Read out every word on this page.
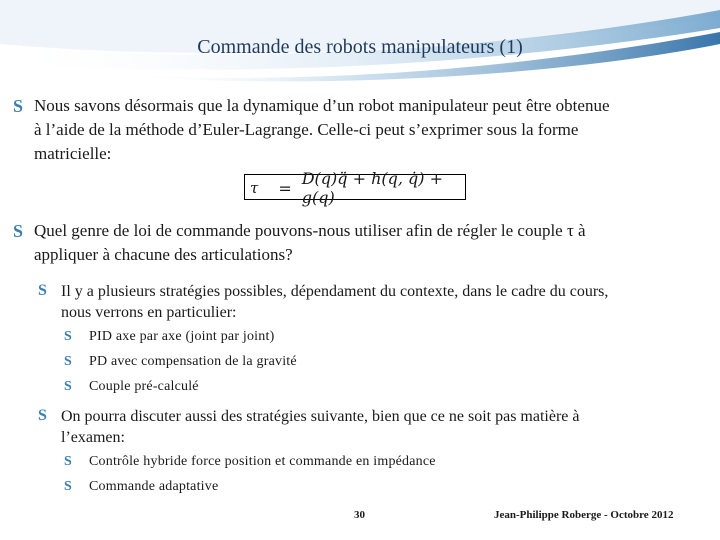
Commande des robots manipulateurs (1)
S Nous savons désormais que la dynamique d’un robot manipulateur peut être obtenue
à l’aide de la méthode d’Euler-Lagrange. Celle-ci peut s’exprimer sous la forme
matricielle:
τ = D(q)q̈ + h(q, q̇) + g(q)
S Quel genre de loi de commande pouvons-nous utiliser afin de régler le couple τ à
appliquer à chacune des articulations?
S Il y a plusieurs stratégies possibles, dépendament du contexte, dans le cadre du cours,
nous verrons en particulier:
S PID axe par axe (joint par joint)
S PD avec compensation de la gravité
S Couple pré-calculé
S On pourra discuter aussi des stratégies suivante, bien que ce ne soit pas matière à
l’examen:
S Contrôle hybride force position et commande en impédance
S Commande adaptative
30	Jean-Philippe Roberge - Octobre 2012
